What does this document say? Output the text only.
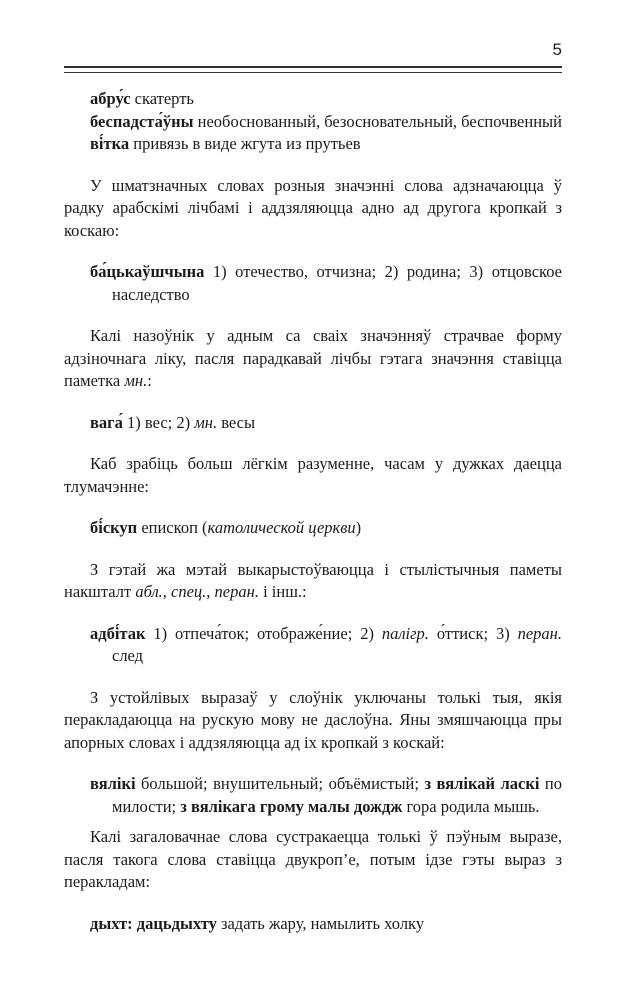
5

абру́с скатерть

беспадста́ўны необоснованный, безосновательный, беспочвенный

ві́тка привязь в виде жгута из прутьев

У шматзначных словах розныя значэнні слова адзначаюцца ў радку арабскімі лічбамі і аддзяляюцца адно ад другога кропкай з коскаю:

ба́цькаўшчына 1) отечество, отчизна; 2) родина; 3) отцовское наследство

Калі назоўнік у адным са сваіх значэнняў страчвае форму адзіночнага ліку, пасля парадкавай лічбы гэтага значэння ставіцца паметка мн.:

вага́ 1) вес; 2) мн. весы

Каб зрабіць больш лёгкім разуменне, часам у дужках даецца тлумачэнне:

бі́скуп епископ (католической церкви)

З гэтай жа мэтай выкарыстоўваюцца і стылістычныя паметы накшталт абл., спец., перан. і інш.:

адбі́так 1) отпеча́ток; отображе́ние; 2) палігр. о́ттиск; 3) перан. след

З устойлівых выразаў у слоўнік уключаны толькі тыя, якія перакладаюцца на рускую мову не даслоўна. Яны змяшчаюцца пры апорных словах і аддзяляюцца ад іх кропкай з коскай:

вялікі большой; внушительный; объёмистый; з вялікай ласкі по милости; з вялікага грому малы дождж гора родила мышь.

Калі загаловачнае слова сустракаецца толькі ў пэўным выразе, пасля такога слова ставіцца двукроп’е, потым ідзе гэты выраз з перакладам:

дыхт: дацьдыхту задать жару, намылить холку
